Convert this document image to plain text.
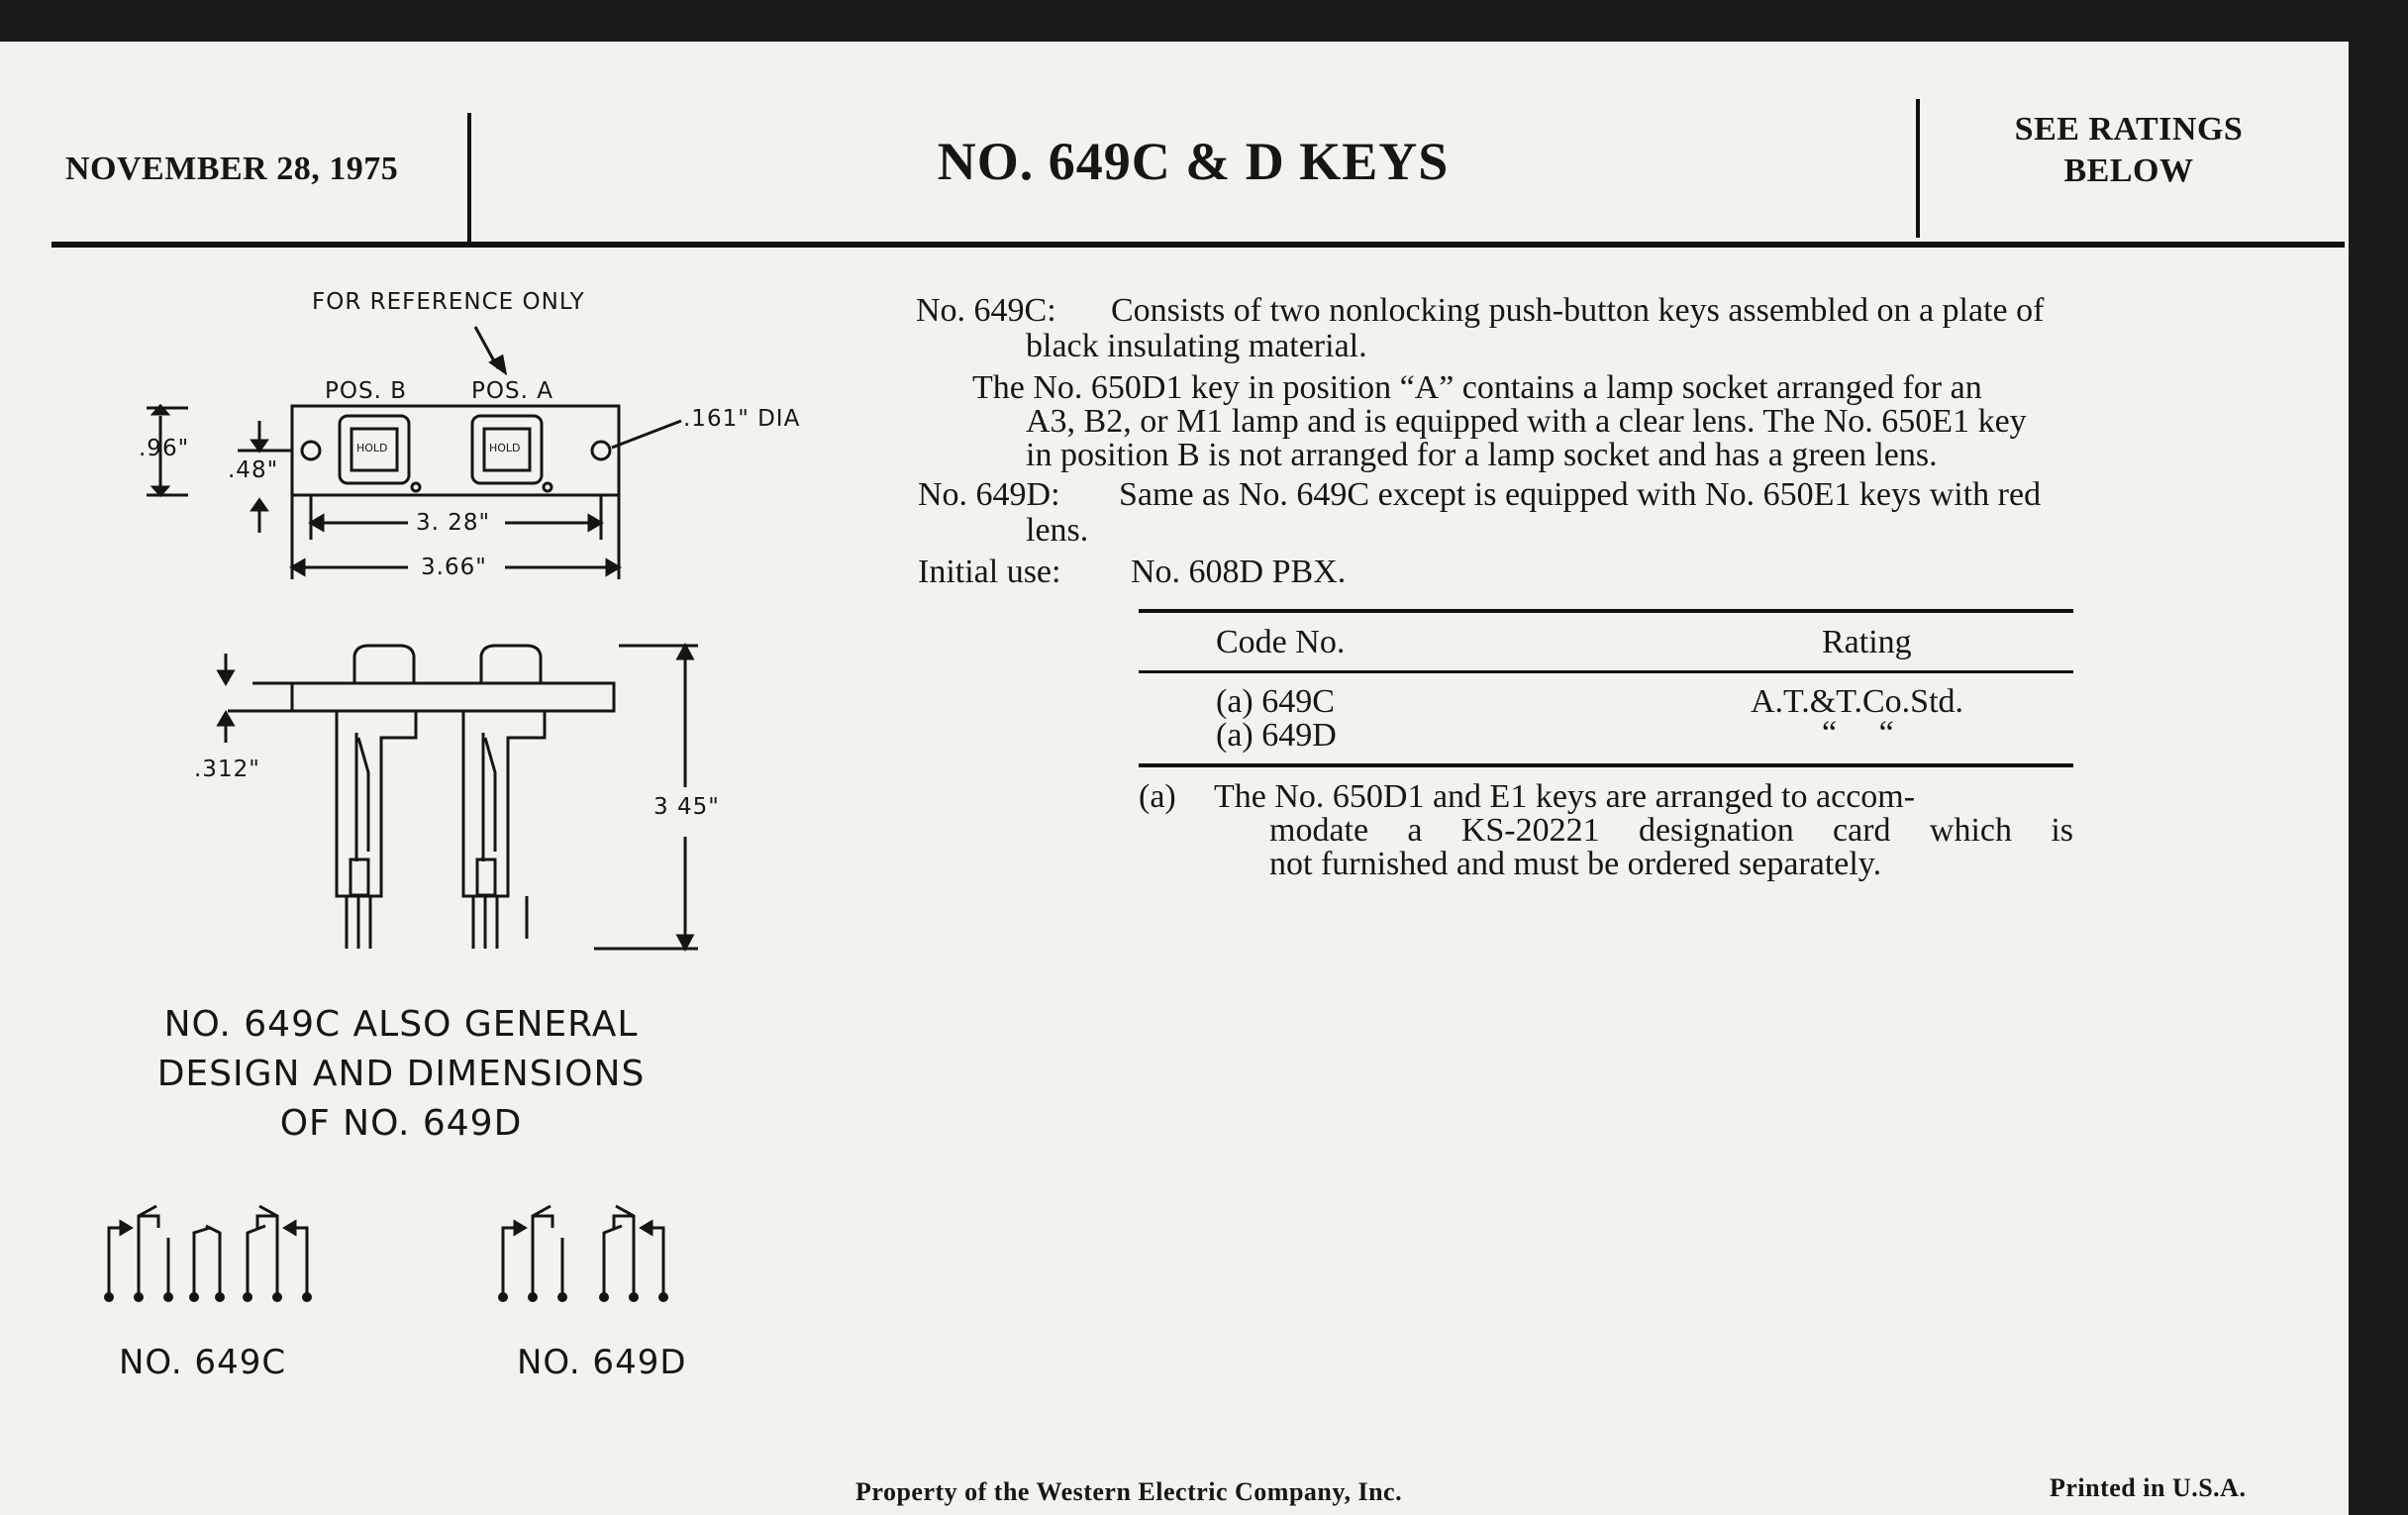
NOVEMBER 28, 1975	NO. 649C & D KEYS
SEE RATINGS
BELOW
FOR REFERENCE ONLY
POS. B	POS. A
HOLD	HOLD
.96"
.48"
.161" DIA
3. 28"
3.66"
.312"
3 45"
NO. 649C ALSO GENERAL
DESIGN AND DIMENSIONS
OF NO. 649D
NO. 649C	NO. 649D
No. 649C: Consists of two nonlocking push-button keys assembled on a plate of
black insulating material.
The No. 650D1 key in position “A” contains a lamp socket arranged for an
A3, B2, or M1 lamp and is equipped with a clear lens. The No. 650E1 key
in position B is not arranged for a lamp socket and has a green lens.
No. 649D: Same as No. 649C except is equipped with No. 650E1 keys with red
lens.
Initial use: No. 608D PBX.
Code No.	Rating
(a) 649C	A.T.&T.Co.Std.
(a) 649D	“     “
(a) The No. 650D1 and E1 keys are arranged to accom-
modate a KS-20221 designation card which is
not furnished and must be ordered separately.
Property of the Western Electric Company, Inc.	Printed in U.S.A.
